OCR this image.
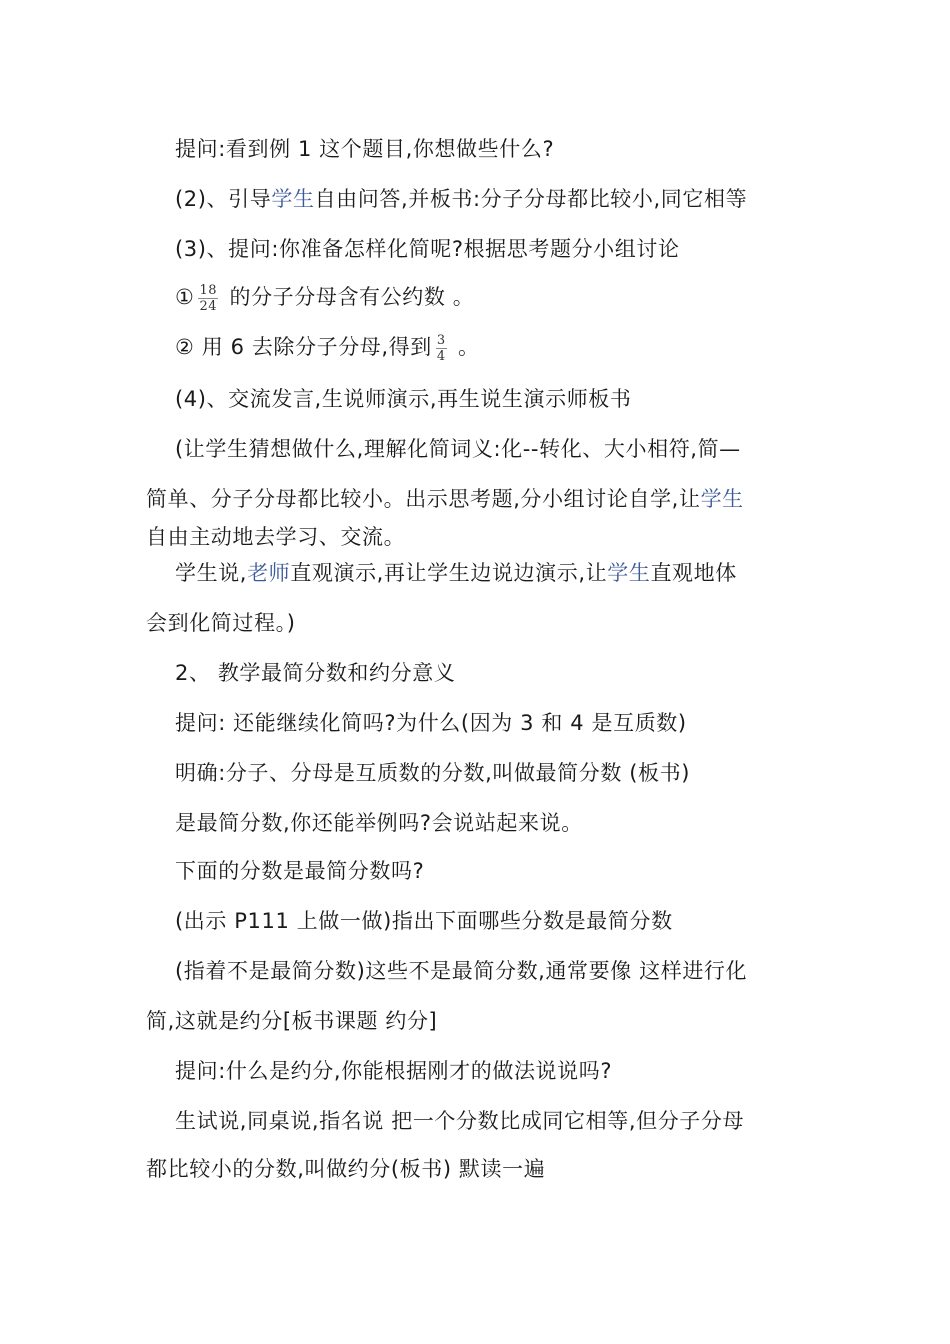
提问:看到例 1 这个题目,你想做些什么?
(2)、引导学生自由问答,并板书:分子分母都比较小,同它相等
(3)、提问:你准备怎样化简呢?根据思考题分小组讨论
① $\frac{18}{24}$ 的分子分母含有公约数 。
② 用 6 去除分子分母,得到 $\frac{3}{4}$ 。
(4)、交流发言,生说师演示,再生说生演示师板书
(让学生猜想做什么,理解化简词义:化--转化、大小相符,简—
简单、分子分母都比较小。出示思考题,分小组讨论自学,让学生
自由主动地去学习、交流。
学生说,老师直观演示,再让学生边说边演示,让学生直观地体
会到化简过程。)
2、 教学最简分数和约分意义
提问: 还能继续化简吗?为什么(因为 3 和 4 是互质数)
明确:分子、分母是互质数的分数,叫做最简分数 (板书)
是最简分数,你还能举例吗?会说站起来说。
下面的分数是最简分数吗?
(出示 P111 上做一做)指出下面哪些分数是最简分数
(指着不是最简分数)这些不是最简分数,通常要像 这样进行化
简,这就是约分[板书课题 约分]
提问:什么是约分,你能根据刚才的做法说说吗?
生试说,同桌说,指名说 把一个分数比成同它相等,但分子分母
都比较小的分数,叫做约分(板书) 默读一遍
